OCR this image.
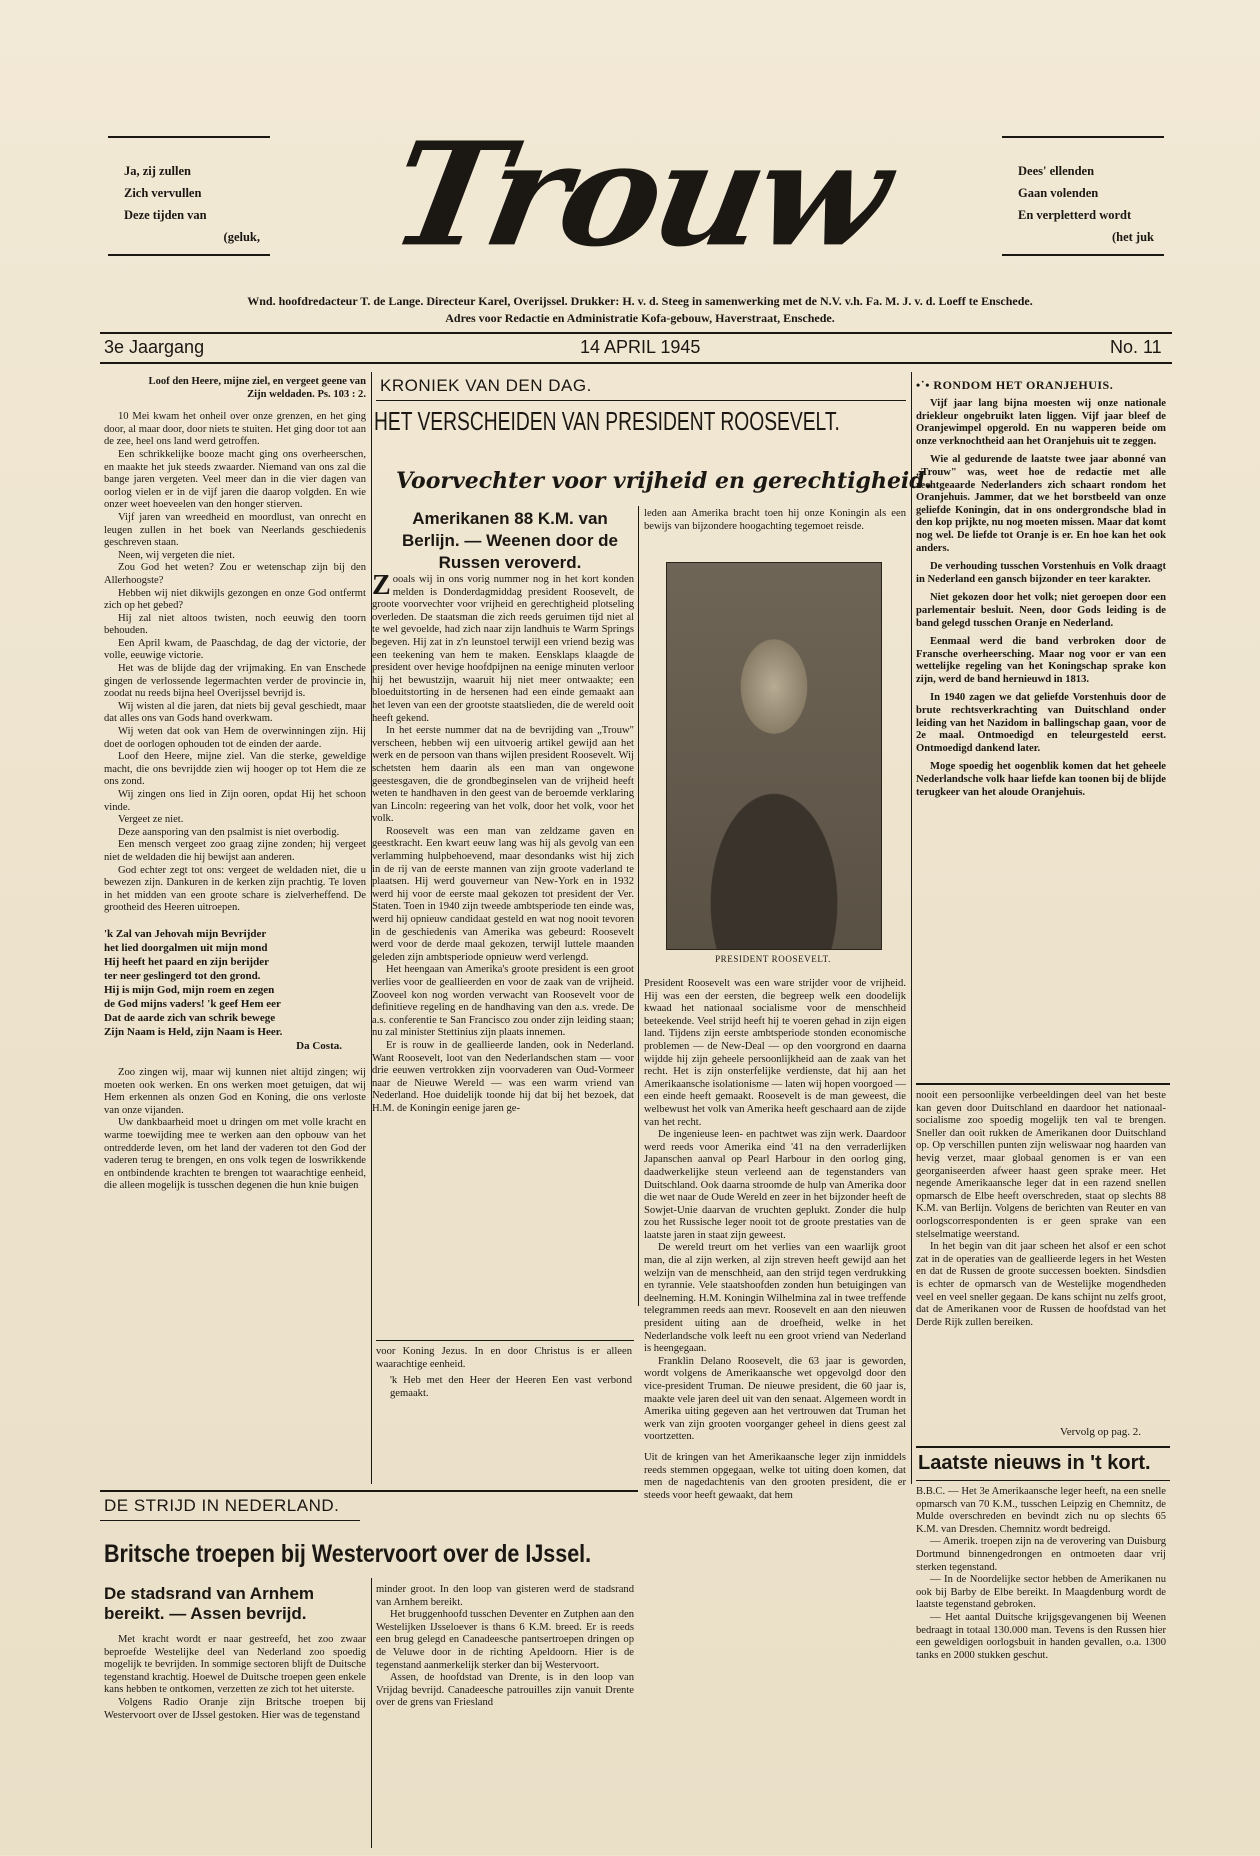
Ja, zij zullen
Zich vervullen
Deze tijden van
(geluk, Trouw	Dees' ellenden
Gaan volenden
En verpletterd wordt
(het juk
Wnd. hoofdredacteur T. de Lange. Directeur Karel, Overijssel. Drukker: H. v. d. Steeg in samenwerking met de N.V. v.h. Fa. M. J. v. d. Loeff te Enschede.
Adres voor Redactie en Administratie Kofa-gebouw, Haverstraat, Enschede.
3e Jaargang	14 APRIL 1945	No. 11

Loof den Heere, mijne ziel, en vergeet geene van Zijn weldaden. Ps. 103 : 2.

10 Mei kwam het onheil over onze grenzen, en het ging door, al maar door, door niets te stuiten. Het ging door tot aan de zee, heel ons land werd getroffen.

Een schrikkelijke booze macht ging ons overheerschen, en maakte het juk steeds zwaarder. Niemand van ons zal die bange jaren vergeten. Veel meer dan in die vier dagen van oorlog vielen er in de vijf jaren die daarop volgden. En wie onzer weet hoeveelen van den honger stierven.

Vijf jaren van wreedheid en moordlust, van onrecht en leugen zullen in het boek van Neerlands geschiedenis geschreven staan.

Neen, wij vergeten die niet.

Zou God het weten? Zou er wetenschap zijn bij den Allerhoogste?

Hebben wij niet dikwijls gezongen en onze God ontfermt zich op het gebed?

Hij zal niet altoos twisten, noch eeuwig den toorn behouden.

Een April kwam, de Paaschdag, de dag der victorie, der volle, eeuwige victorie.

Het was de blijde dag der vrijmaking. En van Enschede gingen de verlossende legermachten verder de provincie in, zoodat nu reeds bijna heel Overijssel bevrijd is.

Wij wisten al die jaren, dat niets bij geval geschiedt, maar dat alles ons van Gods hand overkwam.

Wij weten dat ook van Hem de overwinningen zijn. Hij doet de oorlogen ophouden tot de einden der aarde.

Loof den Heere, mijne ziel. Van die sterke, geweldige macht, die ons bevrijdde zien wij hooger op tot Hem die ze ons zond.

Wij zingen ons lied in Zijn ooren, opdat Hij het schoon vinde.

Vergeet ze niet.

Deze aansporing van den psalmist is niet overbodig.

Een mensch vergeet zoo graag zijne zonden; hij vergeet niet de weldaden die hij bewijst aan anderen.

God echter zegt tot ons: vergeet de weldaden niet, die u bewezen zijn. Dankuren in de kerken zijn prachtig. Te loven in het midden van een groote schare is zielverheffend. De grootheid des Heeren uitroepen.

'k Zal van Jehovah mijn Bevrijder
het lied doorgalmen uit mijn mond
Hij heeft het paard en zijn berijder
ter neer geslingerd tot den grond.
Hij is mijn God, mijn roem en zegen
de God mijns vaders! 'k geef Hem eer
Dat de aarde zich van schrik bewege
Zijn Naam is Held, zijn Naam is Heer.
Da Costa.

Zoo zingen wij, maar wij kunnen niet altijd zingen; wij moeten ook werken. En ons werken moet getuigen, dat wij Hem erkennen als onzen God en Koning, die ons verloste van onze vijanden.

Uw dankbaarheid moet u dringen om met volle kracht en warme toewijding mee te werken aan den opbouw van het ontredderde leven, om het land der vaderen tot den God der vaderen terug te brengen, en ons volk tegen de loswrikkende en ontbindende krachten te brengen tot waarachtige eenheid, die alleen mogelijk is tusschen degenen die hun knie buigen

KRONIEK VAN DEN DAG.
HET VERSCHEIDEN VAN PRESIDENT ROOSEVELT.
Voorvechter voor vrijheid en gerechtigheid.
Amerikanen 88 K.M. van Berlijn. — Weenen door de Russen veroverd.

Zooals wij in ons vorig nummer nog in het kort konden melden is Donderdagmiddag president Roosevelt, de groote voorvechter voor vrijheid en gerechtigheid plotseling overleden. De staatsman die zich reeds geruimen tijd niet al te wel gevoelde, had zich naar zijn landhuis te Warm Springs begeven. Hij zat in z'n leunstoel terwijl een vriend bezig was een teekening van hem te maken. Eensklaps klaagde de president over hevige hoofdpijnen na eenige minuten verloor hij het bewustzijn, waaruit hij niet meer ontwaakte; een bloeduitstorting in de hersenen had een einde gemaakt aan het leven van een der grootste staatslieden, die de wereld ooit heeft gekend.

In het eerste nummer dat na de bevrijding van „Trouw" verscheen, hebben wij een uitvoerig artikel gewijd aan het werk en de persoon van thans wijlen president Roosevelt. Wij schetsten hem daarin als een man van ongewone geestesgaven, die de grondbeginselen van de vrijheid heeft weten te handhaven in den geest van de beroemde verklaring van Lincoln: regeering van het volk, door het volk, voor het volk.

Roosevelt was een man van zeldzame gaven en geestkracht. Een kwart eeuw lang was hij als gevolg van een verlamming hulpbehoevend, maar desondanks wist hij zich in de rij van de eerste mannen van zijn groote vaderland te plaatsen. Hij werd gouverneur van New-York en in 1932 werd hij voor de eerste maal gekozen tot president der Ver. Staten. Toen in 1940 zijn tweede ambtsperiode ten einde was, werd hij opnieuw candidaat gesteld en wat nog nooit tevoren in de geschiedenis van Amerika was gebeurd: Roosevelt werd voor de derde maal gekozen, terwijl luttele maanden geleden zijn ambtsperiode opnieuw werd verlengd.

Het heengaan van Amerika's groote president is een groot verlies voor de geallieerden en voor de zaak van de vrijheid. Zooveel kon nog worden verwacht van Roosevelt voor de definitieve regeling en de handhaving van den a.s. vrede. De a.s. conferentie te San Francisco zou onder zijn leiding staan; nu zal minister Stettinius zijn plaats innemen.

Er is rouw in de geallieerde landen, ook in Nederland. Want Roosevelt, loot van den Nederlandschen stam — voor drie eeuwen vertrokken zijn voorvaderen van Oud-Vormeer naar de Nieuwe Wereld — was een warm vriend van Nederland. Hoe duidelijk toonde hij dat bij het bezoek, dat H.M. de Koningin eenige jaren ge-

voor Koning Jezus. In en door Christus is er alleen waarachtige eenheid.

'k Heb met den Heer der Heeren Een vast verbond gemaakt.

leden aan Amerika bracht toen hij onze Koningin als een bewijs van bijzondere hoogachting tegemoet reisde.
PRESIDENT ROOSEVELT.

President Roosevelt was een ware strijder voor de vrijheid. Hij was een der eersten, die begreep welk een doodelijk kwaad het nationaal socialisme voor de menschheid beteekende. Veel strijd heeft hij te voeren gehad in zijn eigen land. Tijdens zijn eerste ambtsperiode stonden economische problemen — de New-Deal — op den voorgrond en daarna wijdde hij zijn geheele persoonlijkheid aan de zaak van het recht. Het is zijn onsterfelijke verdienste, dat hij aan het Amerikaansche isolationisme — laten wij hopen voorgoed — een einde heeft gemaakt. Roosevelt is de man geweest, die welbewust het volk van Amerika heeft geschaard aan de zijde van het recht.

De ingenieuse leen- en pachtwet was zijn werk. Daardoor werd reeds voor Amerika eind '41 na den verraderlijken Japanschen aanval op Pearl Harbour in den oorlog ging, daadwerkelijke steun verleend aan de tegenstanders van Duitschland. Ook daarna stroomde de hulp van Amerika door die wet naar de Oude Wereld en zeer in het bijzonder heeft de Sowjet-Unie daarvan de vruchten geplukt. Zonder die hulp zou het Russische leger nooit tot de groote prestaties van de laatste jaren in staat zijn geweest.

De wereld treurt om het verlies van een waarlijk groot man, die al zijn werken, al zijn streven heeft gewijd aan het welzijn van de menschheid, aan den strijd tegen verdrukking en tyrannie. Vele staatshoofden zonden hun betuigingen van deelneming. H.M. Koningin Wilhelmina zal in twee treffende telegrammen reeds aan mevr. Roosevelt en aan den nieuwen president uiting aan de droefheid, welke in het Nederlandsche volk leeft nu een groot vriend van Nederland is heengegaan.

Franklin Delano Roosevelt, die 63 jaar is geworden, wordt volgens de Amerikaansche wet opgevolgd door den vice-president Truman. De nieuwe president, die 60 jaar is, maakte vele jaren deel uit van den senaat. Algemeen wordt in Amerika uiting gegeven aan het vertrouwen dat Truman het werk van zijn grooten voorganger geheel in diens geest zal voortzetten.

Uit de kringen van het Amerikaansche leger zijn inmiddels reeds stemmen opgegaan, welke tot uiting doen komen, dat men de nagedachtenis van den grooten president, die er steeds voor heeft gewaakt, dat hem

•˙• RONDOM HET ORANJEHUIS.

Vijf jaar lang bijna moesten wij onze nationale driekleur ongebruikt laten liggen. Vijf jaar bleef de Oranjewimpel opgerold. En nu wapperen beide om onze verknochtheid aan het Oranjehuis uit te zeggen.

Wie al gedurende de laatste twee jaar abonné van „Trouw" was, weet hoe de redactie met alle rechtgeaarde Nederlanders zich schaart rondom het Oranjehuis. Jammer, dat we het borstbeeld van onze geliefde Koningin, dat in ons ondergrondsche blad in den kop prijkte, nu nog moeten missen. Maar dat komt nog wel. De liefde tot Oranje is er. En hoe kan het ook anders.

De verhouding tusschen Vorstenhuis en Volk draagt in Nederland een gansch bijzonder en teer karakter.

Niet gekozen door het volk; niet geroepen door een parlementair besluit. Neen, door Gods leiding is de band gelegd tusschen Oranje en Nederland.

Eenmaal werd die band verbroken door de Fransche overheersching. Maar nog voor er van een wettelijke regeling van het Koningschap sprake kon zijn, werd de band hernieuwd in 1813.

In 1940 zagen we dat geliefde Vorstenhuis door de brute rechtsverkrachting van Duitschland onder leiding van het Nazidom in ballingschap gaan, voor de 2e maal. Ontmoedigd en teleurgesteld eerst. Ontmoedigd dankend later.

Moge spoedig het oogenblik komen dat het geheele Nederlandsche volk haar liefde kan toonen bij de blijde terugkeer van het aloude Oranjehuis.

nooit een persoonlijke verbeeldingen deel van het beste kan geven door Duitschland en daardoor het nationaal-socialisme zoo spoedig mogelijk ten val te brengen. Sneller dan ooit rukken de Amerikanen door Duitschland op. Op verschillen punten zijn weliswaar nog haarden van hevig verzet, maar globaal genomen is er van een georganiseerden afweer haast geen sprake meer. Het negende Amerikaansche leger dat in een razend snellen opmarsch de Elbe heeft overschreden, staat op slechts 88 K.M. van Berlijn. Volgens de berichten van Reuter en van oorlogscorrespondenten is er geen sprake van een stelselmatige weerstand.

In het begin van dit jaar scheen het alsof er een schot zat in de operaties van de geallieerde legers in het Westen en dat de Russen de groote successen boekten. Sindsdien is echter de opmarsch van de Westelijke mogendheden veel en veel sneller gegaan. De kans schijnt nu zelfs groot, dat de Amerikanen voor de Russen de hoofdstad van het Derde Rijk zullen bereiken.

Vervolg op pag. 2.
Laatste nieuws in 't kort.

B.B.C. — Het 3e Amerikaansche leger heeft, na een snelle opmarsch van 70 K.M., tusschen Leipzig en Chemnitz, de Mulde overschreden en bevindt zich nu op slechts 65 K.M. van Dresden. Chemnitz wordt bedreigd.

— Amerik. troepen zijn na de verovering van Duisburg Dortmund binnengedrongen en ontmoeten daar vrij sterken tegenstand.

— In de Noordelijke sector hebben de Amerikanen nu ook bij Barby de Elbe bereikt. In Maagdenburg wordt de laatste tegenstand gebroken.

— Het aantal Duitsche krijgsgevangenen bij Weenen bedraagt in totaal 130.000 man. Tevens is den Russen hier een geweldigen oorlogsbuit in handen gevallen, o.a. 1300 tanks en 2000 stukken geschut.

DE STRIJD IN NEDERLAND.
Britsche troepen bij Westervoort over de IJssel.
De stadsrand van Arnhem bereikt. — Assen bevrijd.

Met kracht wordt er naar gestreefd, het zoo zwaar beproefde Westelijke deel van Nederland zoo spoedig mogelijk te bevrijden. In sommige sectoren blijft de Duitsche tegenstand krachtig. Hoewel de Duitsche troepen geen enkele kans hebben te ontkomen, verzetten ze zich tot het uiterste.

Volgens Radio Oranje zijn Britsche troepen bij Westervoort over de IJssel gestoken. Hier was de tegenstand

minder groot. In den loop van gisteren werd de stadsrand van Arnhem bereikt.

Het bruggenhoofd tusschen Deventer en Zutphen aan den Westelijken IJsseloever is thans 6 K.M. breed. Er is reeds een brug gelegd en Canadeesche pantsertroepen dringen op de Veluwe door in de richting Apeldoorn. Hier is de tegenstand aanmerkelijk sterker dan bij Westervoort.

Assen, de hoofdstad van Drente, is in den loop van Vrijdag bevrijd. Canadeesche patrouilles zijn vanuit Drente over de grens van Friesland
